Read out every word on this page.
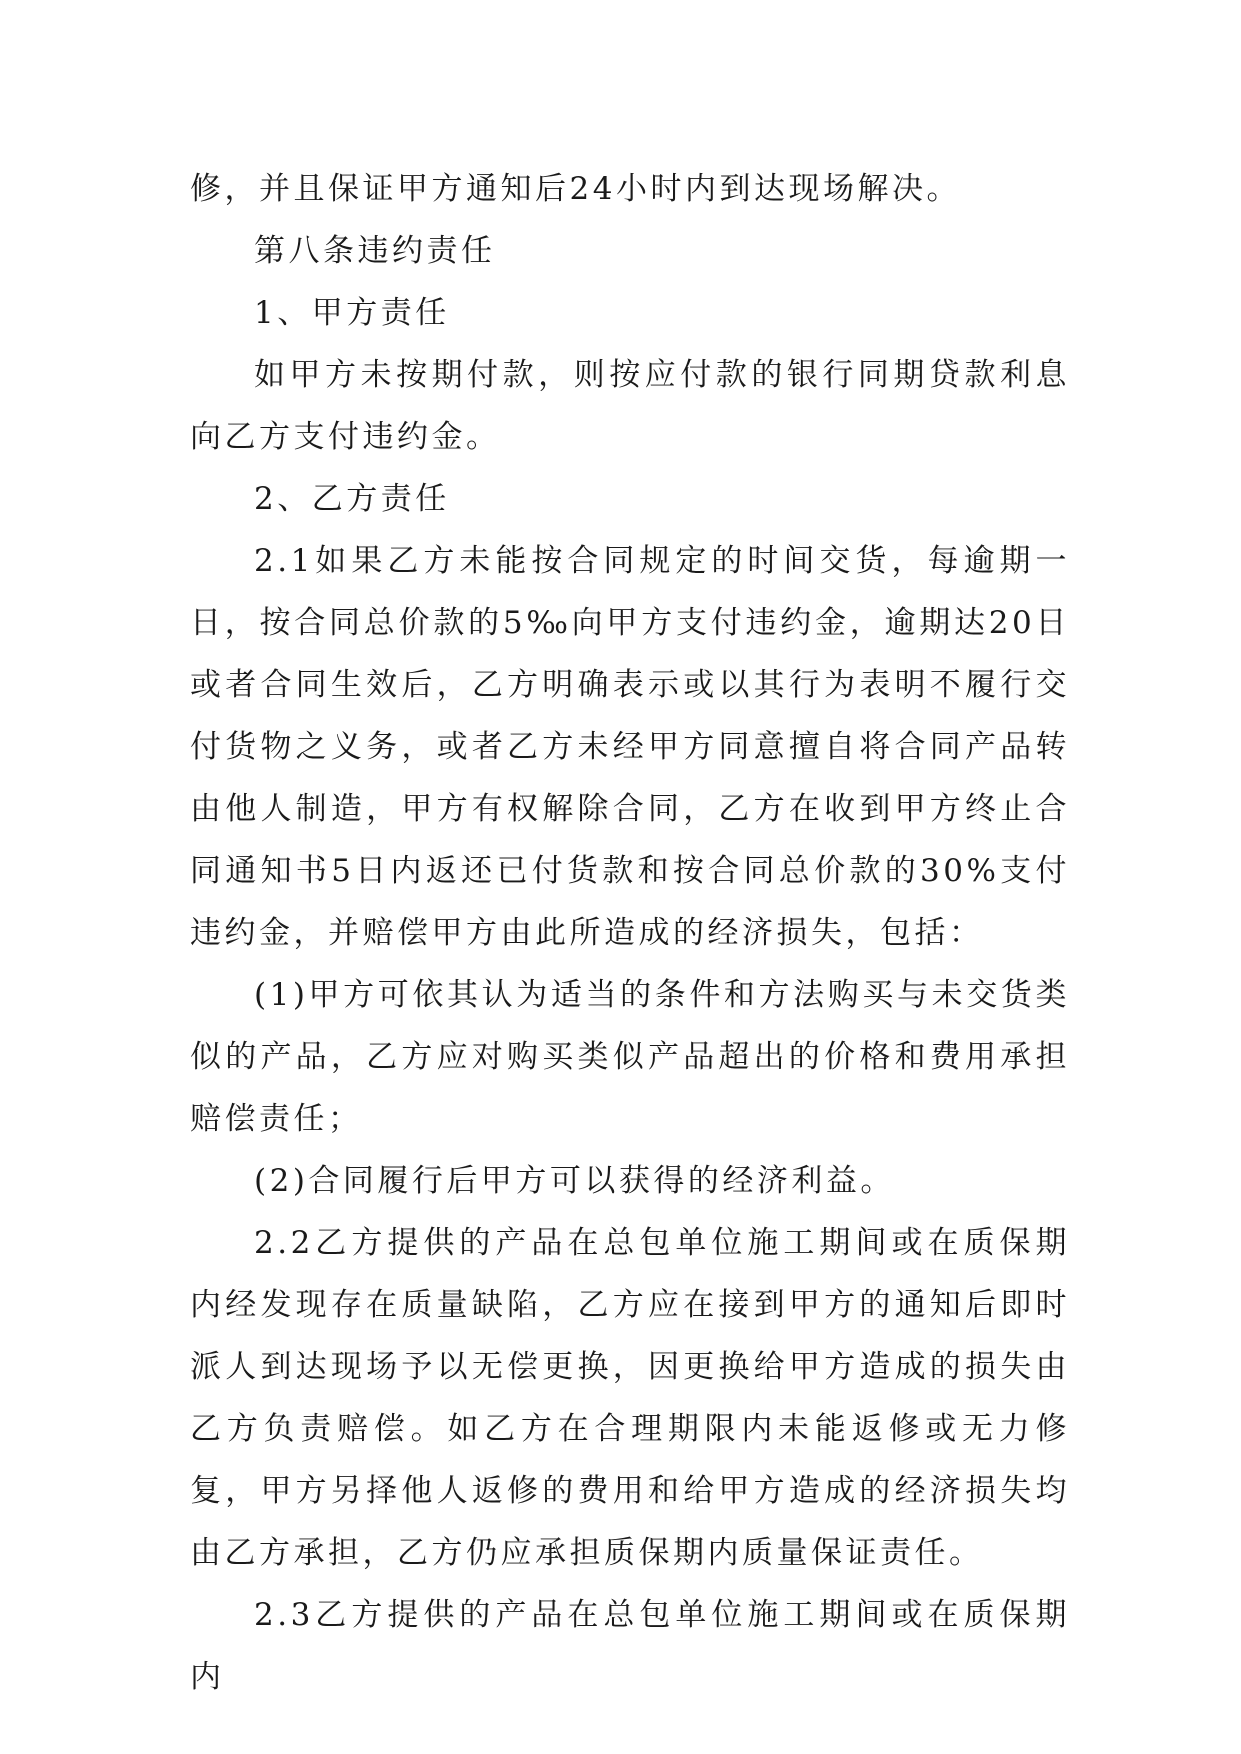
修，并且保证甲方通知后24小时内到达现场解决。

第八条违约责任

1、甲方责任

如甲方未按期付款，则按应付款的银行同期贷款利息向乙方支付违约金。

2、乙方责任

2.1如果乙方未能按合同规定的时间交货，每逾期一日，按合同总价款的5‰向甲方支付违约金，逾期达20日或者合同生效后，乙方明确表示或以其行为表明不履行交付货物之义务，或者乙方未经甲方同意擅自将合同产品转由他人制造，甲方有权解除合同，乙方在收到甲方终止合同通知书5日内返还已付货款和按合同总价款的30%支付违约金，并赔偿甲方由此所造成的经济损失，包括：

(1)甲方可依其认为适当的条件和方法购买与未交货类似的产品，乙方应对购买类似产品超出的价格和费用承担赔偿责任；

(2)合同履行后甲方可以获得的经济利益。

2.2乙方提供的产品在总包单位施工期间或在质保期内经发现存在质量缺陷，乙方应在接到甲方的通知后即时派人到达现场予以无偿更换，因更换给甲方造成的损失由乙方负责赔偿。如乙方在合理期限内未能返修或无力修复，甲方另择他人返修的费用和给甲方造成的经济损失均由乙方承担，乙方仍应承担质保期内质量保证责任。

2.3乙方提供的产品在总包单位施工期间或在质保期内
